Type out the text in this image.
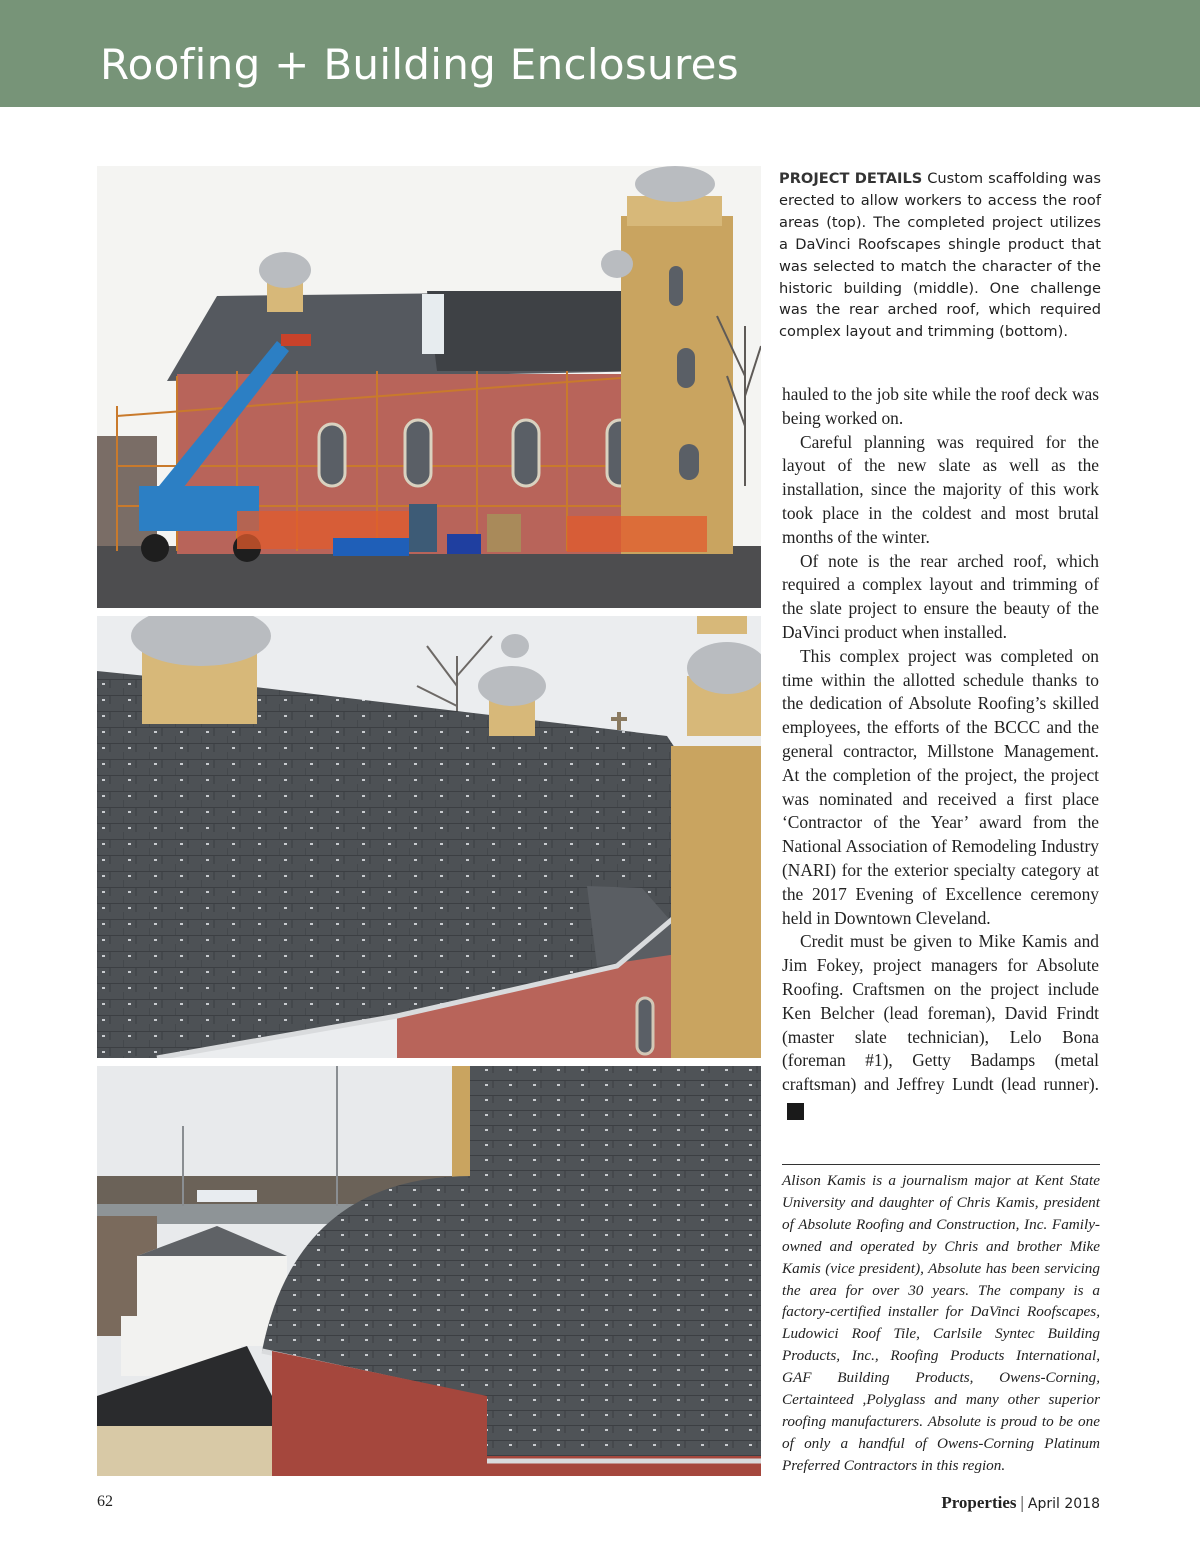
Roofing + Building Enclosures
PROJECT DETAILS Custom scaffolding was erected to allow workers to access the roof areas (top). The completed project utilizes a DaVinci Roofscapes shingle product that was selected to match the character of the historic building (middle). One challenge was the rear arched roof, which required complex layout and trimming (bottom).

hauled to the job site while the roof deck was being worked on.

Careful planning was required for the layout of the new slate as well as the installation, since the majority of this work took place in the coldest and most brutal months of the winter.

Of note is the rear arched roof, which required a complex layout and trimming of the slate project to ensure the beauty of the DaVinci product when installed.

This complex project was completed on time within the allotted schedule thanks to the dedication of Absolute Roofing’s skilled employees, the efforts of the BCCC and the general contractor, Millstone Management. At the completion of the project, the project was nominated and received a first place ‘Contractor of the Year’ award from the National Association of Remodeling Industry (NARI) for the exterior specialty category at the 2017 Evening of Excellence ceremony held in Downtown Cleveland.

Credit must be given to Mike Kamis and Jim Fokey, project managers for Absolute Roofing. Craftsmen on the project include Ken Belcher (lead foreman), David Frindt (master slate technician), Lelo Bona (foreman #1), Getty Badamps (metal craftsman) and Jeffrey Lundt (lead runner).P

Alison Kamis is a journalism major at Kent State University and daughter of Chris Kamis, president of Absolute Roofing and Construction, Inc. Family-owned and operated by Chris and brother Mike Kamis (vice president), Absolute has been servicing the area for over 30 years. The company is a factory-certified installer for DaVinci Roofscapes, Ludowici Roof Tile, Carlsile Syntec Building Products, Inc., Roofing Products International, GAF Building Products, Owens-Corning, Certainteed ,Polyglass and many other superior roofing manufacturers. Absolute is proud to be one of only a handful of Owens-Corning Platinum Preferred Contractors in this region.
62	Properties | April 2018
